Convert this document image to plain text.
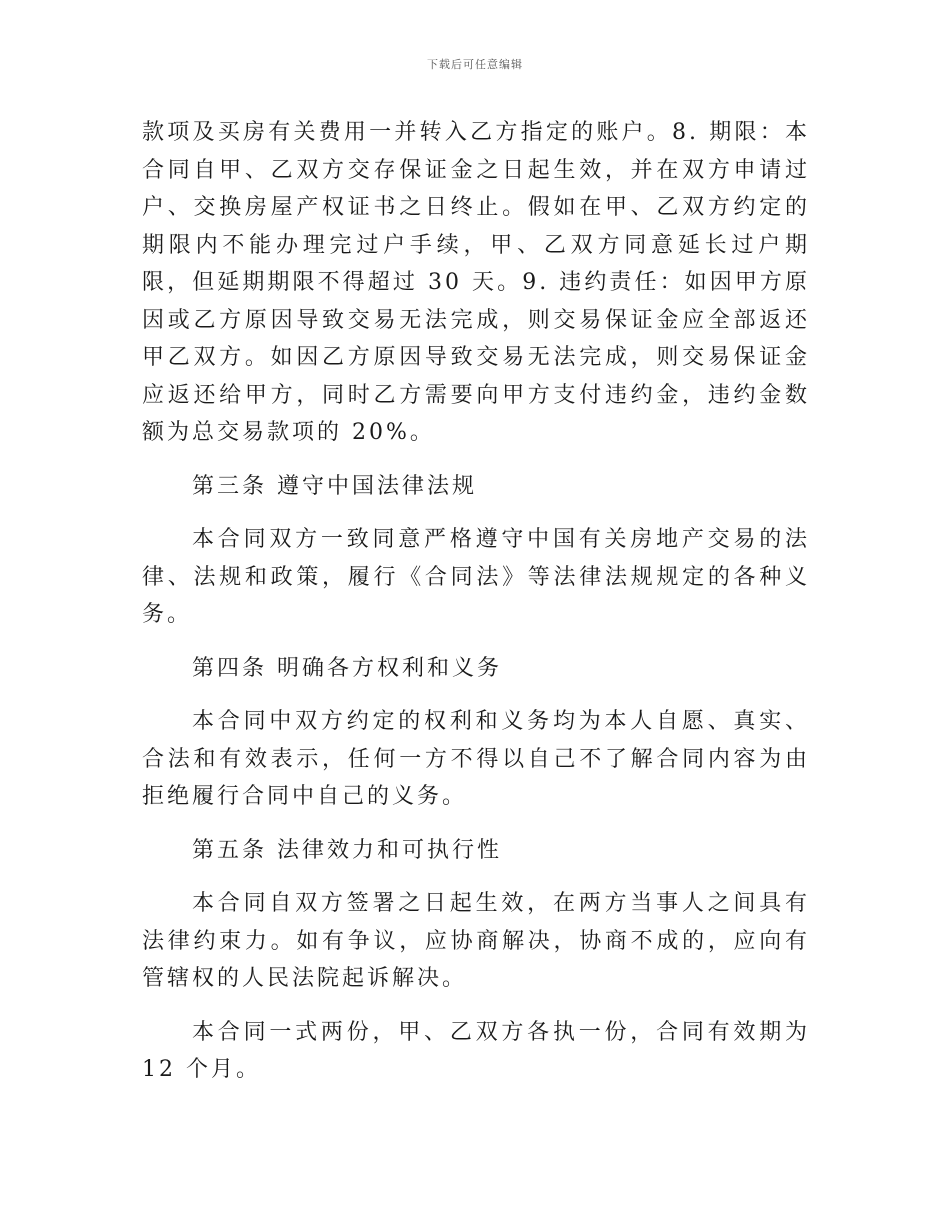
下载后可任意编辑

款项及买房有关费用一并转入乙方指定的账户。8. 期限：本合同自甲、乙双方交存保证金之日起生效，并在双方申请过户、交换房屋产权证书之日终止。假如在甲、乙双方约定的期限内不能办理完过户手续，甲、乙双方同意延长过户期限，但延期期限不得超过 30 天。9. 违约责任：如因甲方原因或乙方原因导致交易无法完成，则交易保证金应全部返还甲乙双方。如因乙方原因导致交易无法完成，则交易保证金应返还给甲方，同时乙方需要向甲方支付违约金，违约金数额为总交易款项的 20%。

第三条 遵守中国法律法规

本合同双方一致同意严格遵守中国有关房地产交易的法律、法规和政策，履行《合同法》等法律法规规定的各种义务。

第四条 明确各方权利和义务

本合同中双方约定的权利和义务均为本人自愿、真实、合法和有效表示，任何一方不得以自己不了解合同内容为由拒绝履行合同中自己的义务。

第五条 法律效力和可执行性

本合同自双方签署之日起生效，在两方当事人之间具有法律约束力。如有争议，应协商解决，协商不成的，应向有管辖权的人民法院起诉解决。

本合同一式两份，甲、乙双方各执一份，合同有效期为 12 个月。
